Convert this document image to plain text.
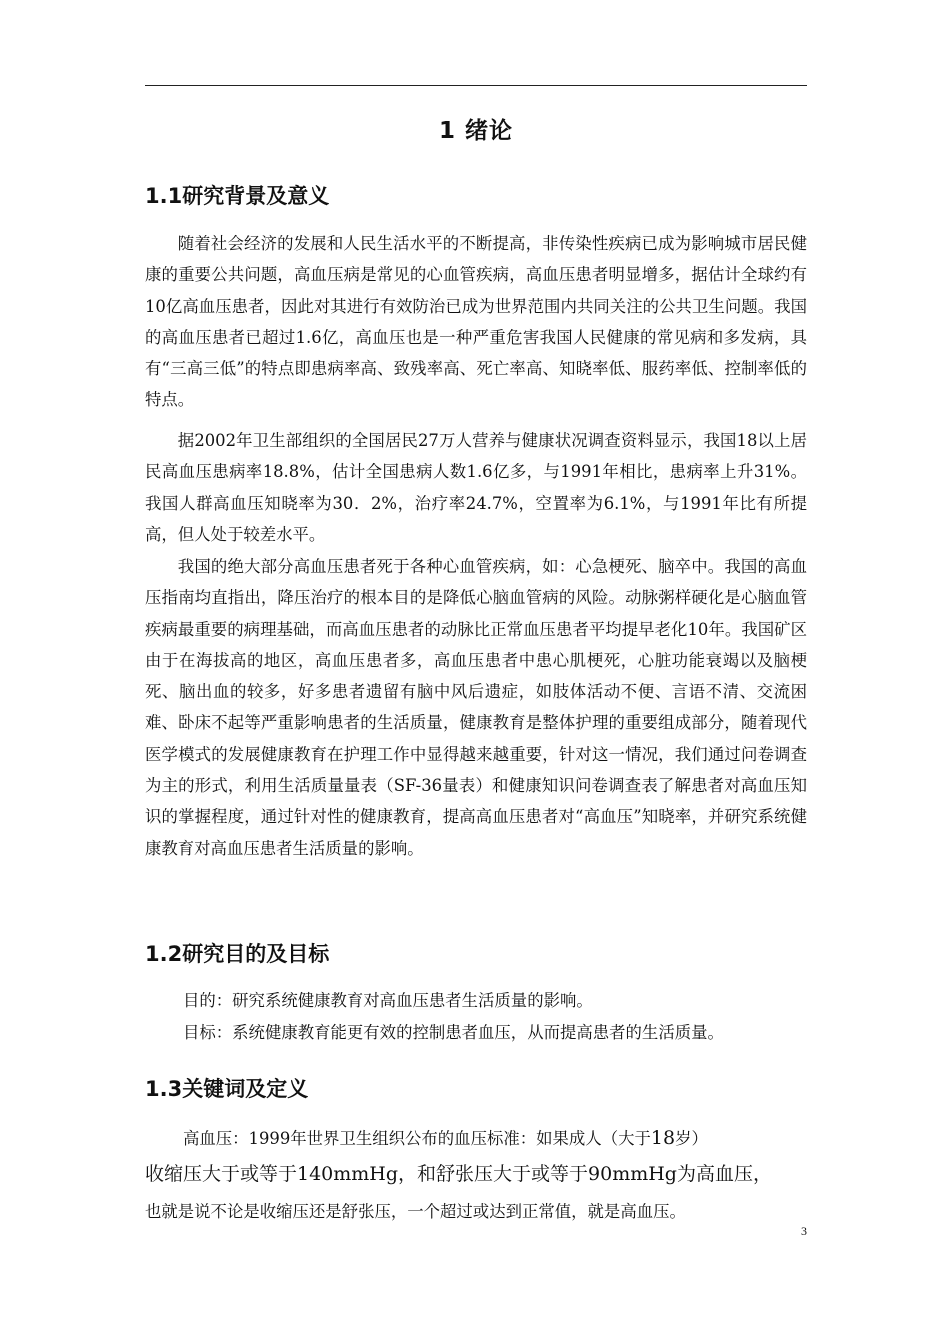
1 绪论
1.1研究背景及意义

随着社会经济的发展和人民生活水平的不断提高，非传染性疾病已成为影响城市居民健康的重要公共问题，高血压病是常见的心血管疾病，高血压患者明显增多，据估计全球约有10亿高血压患者，因此对其进行有效防治已成为世界范围内共同关注的公共卫生问题。我国的高血压患者已超过1.6亿，高血压也是一种严重危害我国人民健康的常见病和多发病，具有“三高三低”的特点即患病率高、致残率高、死亡率高、知晓率低、服药率低、控制率低的特点。

据2002年卫生部组织的全国居民27万人营养与健康状况调查资料显示，我国18以上居民高血压患病率18.8%，估计全国患病人数1.6亿多，与1991年相比，患病率上升31%。我国人群高血压知晓率为30．2%，治疗率24.7%，空置率为6.1%，与1991年比有所提高，但人处于较差水平。

我国的绝大部分高血压患者死于各种心血管疾病，如：心急梗死、脑卒中。我国的高血压指南均直指出，降压治疗的根本目的是降低心脑血管病的风险。动脉粥样硬化是心脑血管疾病最重要的病理基础，而高血压患者的动脉比正常血压患者平均提早老化10年。我国矿区由于在海拔高的地区，高血压患者多，高血压患者中患心肌梗死，心脏功能衰竭以及脑梗死、脑出血的较多，好多患者遗留有脑中风后遗症，如肢体活动不便、言语不清、交流困难、卧床不起等严重影响患者的生活质量，健康教育是整体护理的重要组成部分，随着现代医学模式的发展健康教育在护理工作中显得越来越重要，针对这一情况，我们通过问卷调查为主的形式，利用生活质量量表（SF-36量表）和健康知识问卷调查表了解患者对高血压知识的掌握程度，通过针对性的健康教育，提高高血压患者对“高血压”知晓率，并研究系统健康教育对高血压患者生活质量的影响。

1.2研究目的及目标

目的：研究系统健康教育对高血压患者生活质量的影响。

目标：系统健康教育能更有效的控制患者血压，从而提高患者的生活质量。

1.3关键词及定义

高血压：1999年世界卫生组织公布的血压标准：如果成人（大于18岁）

收缩压大于或等于140mmHg，和舒张压大于或等于90mmHg为高血压，

也就是说不论是收缩压还是舒张压，一个超过或达到正常值，就是高血压。

3
